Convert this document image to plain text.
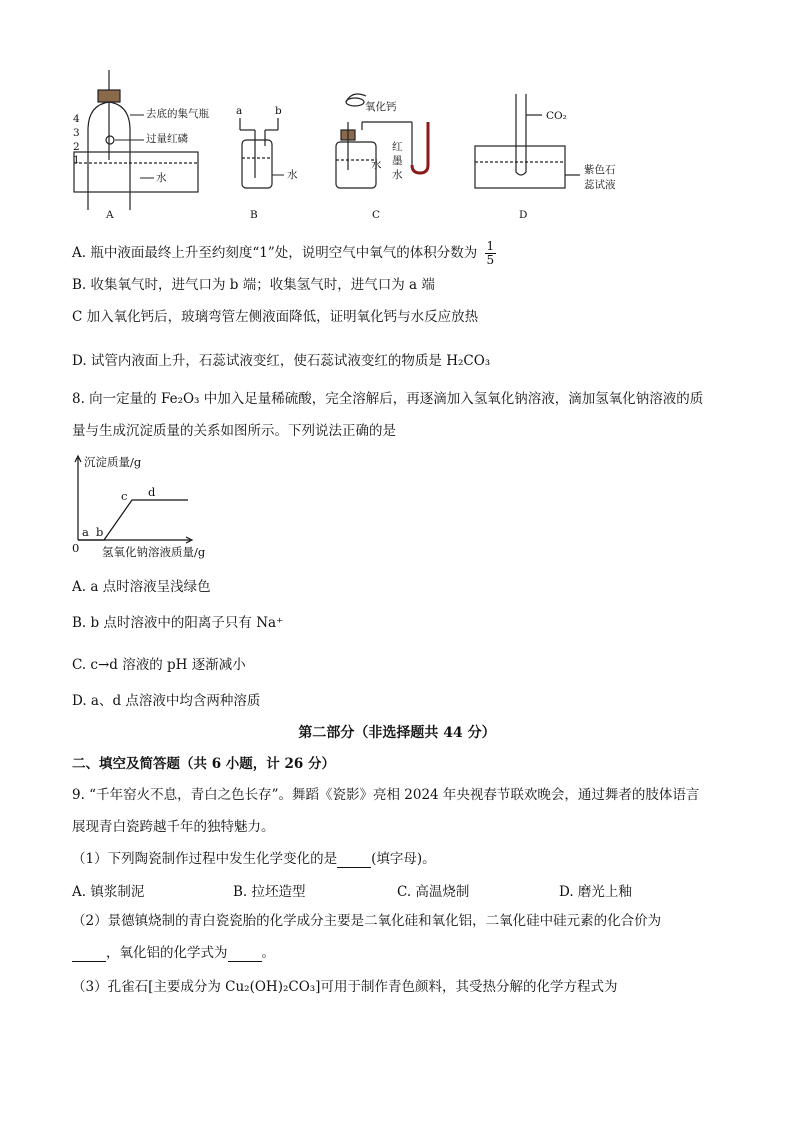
4
3
2
1
去底的集气瓶
过量红磷
水
A
a	b
水
B
氧化钙
水
红
墨
水
C
CO₂
紫色石
蕊试液
D
A. 瓶中液面最终上升至约刻度“1”处，说明空气中氧气的体积分数为 $\frac{1}{5}$
B. 收集氧气时，进气口为 b 端；收集氢气时，进气口为 a 端
C 加入氧化钙后，玻璃弯管左侧液面降低，证明氧化钙与水反应放热
D. 试管内液面上升，石蕊试液变红，使石蕊试液变红的物质是 H₂CO₃
8. 向一定量的 Fe₂O₃ 中加入足量稀硫酸，完全溶解后，再逐滴加入氢氧化钠溶液，滴加氢氧化钠溶液的质
量与生成沉淀质量的关系如图所示。下列说法正确的是
沉淀质量/g
氢氧化钠溶液质量/g
0
a b
c d
A. a 点时溶液呈浅绿色
B. b 点时溶液中的阳离子只有 Na⁺
C. c→d 溶液的 pH 逐渐减小
D. a、d 点溶液中均含两种溶质
第二部分（非选择题共 44 分）
二、填空及简答题（共 6 小题，计 26 分）
9. “千年窑火不息，青白之色长存”。舞蹈《瓷影》亮相 2024 年央视春节联欢晚会，通过舞者的肢体语言
展现青白瓷跨越千年的独特魅力。
（1）下列陶瓷制作过程中发生化学变化的是	(填字母)。
A. 镇浆制泥	B. 拉坯造型	C. 高温烧制	D. 磨光上釉
（2）景德镇烧制的青白瓷瓷胎的化学成分主要是二氧化硅和氧化铝，二氧化硅中硅元素的化合价为
，氧化铝的化学式为	。
（3）孔雀石[主要成分为 Cu₂(OH)₂CO₃]可用于制作青色颜料，其受热分解的化学方程式为
